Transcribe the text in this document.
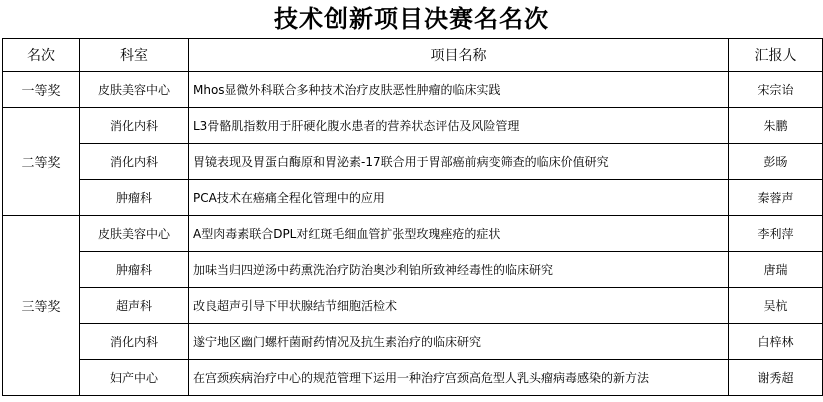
技术创新项目决赛名名次
名次	科室	项目名称	汇报人
一等奖	皮肤美容中心	Mhos显微外科联合多种技术治疗皮肤恶性肿瘤的临床实践	宋宗诒
二等奖	消化内科	L3骨骼肌指数用于肝硬化腹水患者的营养状态评估及风险管理	朱鹏
	消化内科	胃镜表现及胃蛋白酶原和胃泌素-17联合用于胃部癌前病变筛查的临床价值研究	彭旸
	肿瘤科	PCA技术在癌痛全程化管理中的应用	秦蓉声
三等奖	皮肤美容中心	A型肉毒素联合DPL对红斑毛细血管扩张型玫瑰痤疮的症状	李利萍
	肿瘤科	加味当归四逆汤中药熏洗治疗防治奥沙利铂所致神经毒性的临床研究	唐瑞
	超声科	改良超声引导下甲状腺结节细胞活检术	吴杭
	消化内科	遂宁地区幽门螺杆菌耐药情况及抗生素治疗的临床研究	白梓林
	妇产中心	在宫颈疾病治疗中心的规范管理下运用一种治疗宫颈高危型人乳头瘤病毒感染的新方法	谢秀超
